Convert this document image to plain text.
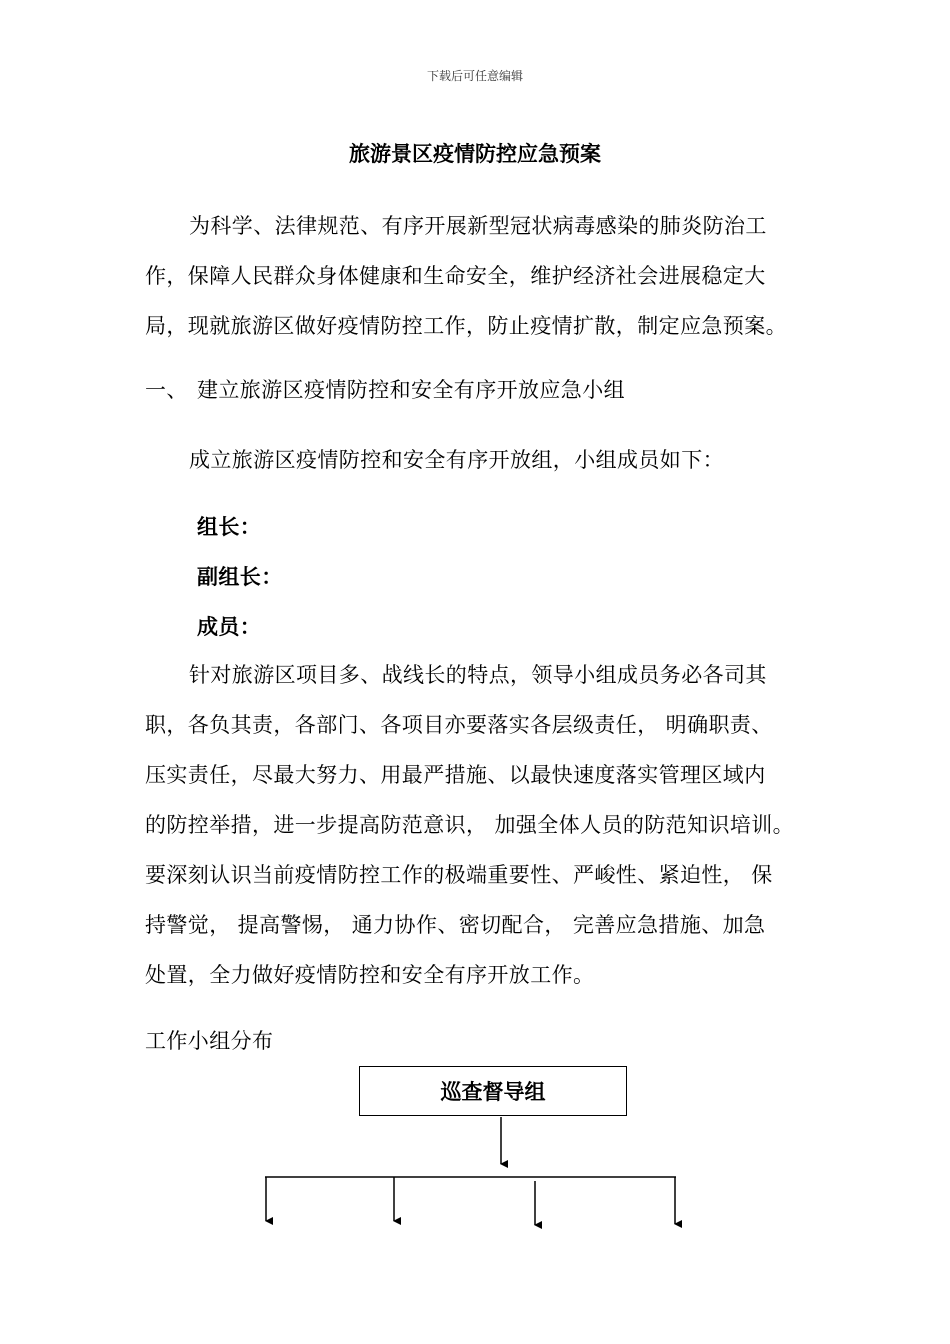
下载后可任意编辑
旅游景区疫情防控应急预案
为科学、法律规范、有序开展新型冠状病毒感染的肺炎防治工
作，保障人民群众身体健康和生命安全，维护经济社会进展稳定大
局，现就旅游区做好疫情防控工作，防止疫情扩散，制定应急预案。
一、 建立旅游区疫情防控和安全有序开放应急小组
成立旅游区疫情防控和安全有序开放组，小组成员如下：
组长：
副组长：
成员：
针对旅游区项目多、战线长的特点，领导小组成员务必各司其
职，各负其责，各部门、各项目亦要落实各层级责任， 明确职责、
压实责任，尽最大努力、用最严措施、以最快速度落实管理区域内
的防控举措，进一步提高防范意识， 加强全体人员的防范知识培训。
要深刻认识当前疫情防控工作的极端重要性、严峻性、紧迫性， 保
持警觉， 提高警惕， 通力协作、密切配合， 完善应急措施、加急
处置，全力做好疫情防控和安全有序开放工作。
工作小组分布
巡查督导组
